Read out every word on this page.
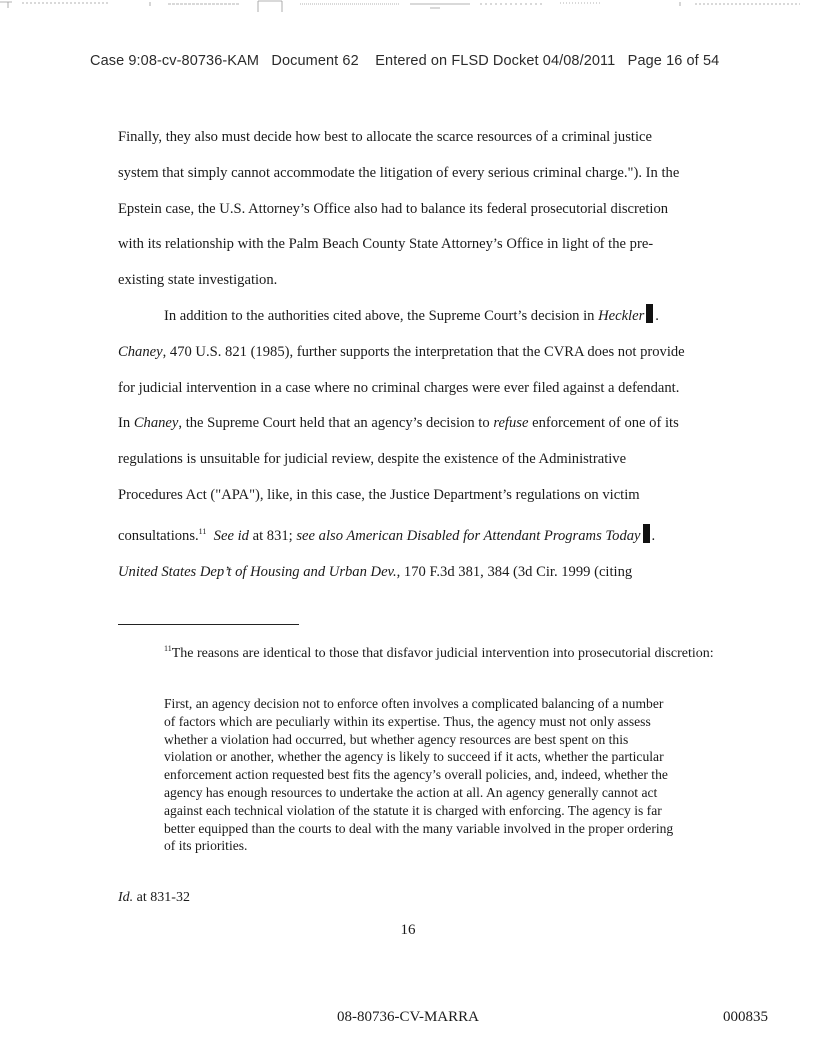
Case 9:08-cv-80736-KAM   Document 62    Entered on FLSD Docket 04/08/2011   Page 16 of 54
Finally, they also must decide how best to allocate the scarce resources of a criminal justice
system that simply cannot accommodate the litigation of every serious criminal charge."). In the
Epstein case, the U.S. Attorney’s Office also had to balance its federal prosecutorial discretion
with its relationship with the Palm Beach County State Attorney’s Office in light of the pre-
existing state investigation.
In addition to the authorities cited above, the Supreme Court’s decision in Heckler .
Chaney, 470 U.S. 821 (1985), further supports the interpretation that the CVRA does not provide
for judicial intervention in a case where no criminal charges were ever filed against a defendant.
In Chaney, the Supreme Court held that an agency’s decision to refuse enforcement of one of its
regulations is unsuitable for judicial review, despite the existence of the Administrative
Procedures Act ("APA"), like, in this case, the Justice Department’s regulations on victim
consultations.$^{11}$ See id at 831; see also American Disabled for Attendant Programs Today .
United States Dep’t of Housing and Urban Dev., 170 F.3d 381, 384 (3d Cir. 1999 (citing
$^{11}$The reasons are identical to those that disfavor judicial intervention into prosecutorial discretion:
First, an agency decision not to enforce often involves a complicated balancing of a number of factors which are peculiarly within its expertise. Thus, the agency must not only assess whether a violation had occurred, but whether agency resources are best spent on this violation or another, whether the agency is likely to succeed if it acts, whether the particular enforcement action requested best fits the agency’s overall policies, and, indeed, whether the agency has enough resources to undertake the action at all. An agency generally cannot act against each technical violation of the statute it is charged with enforcing. The agency is far better equipped than the courts to deal with the many variable involved in the proper ordering of its priorities.
Id. at 831-32
16
08-80736-CV-MARRA	000835
